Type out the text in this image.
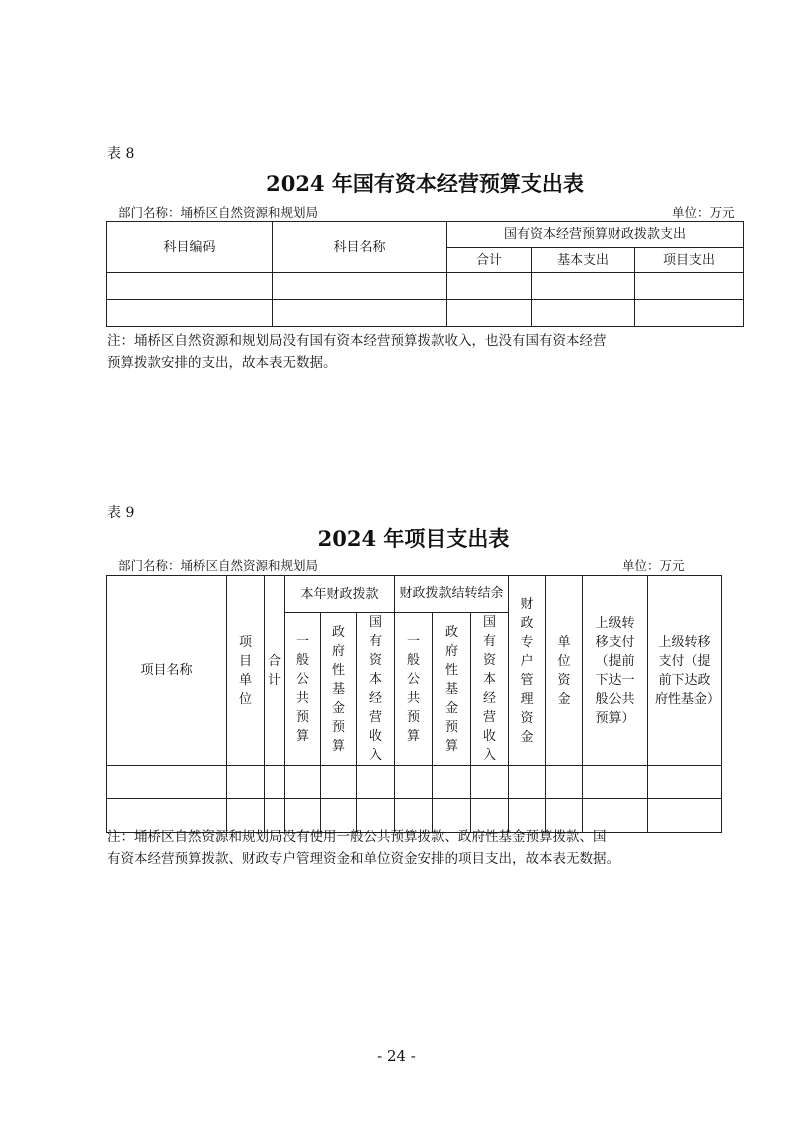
表 8
2024 年国有资本经营预算支出表
部门名称：埇桥区自然资源和规划局	单位：万元
科目编码	科目名称	国有资本经营预算财政拨款支出		
		合计	基本支出	项目支出

注：埇桥区自然资源和规划局没有国有资本经营预算拨款收入，也没有国有资本经营
预算拨款安排的支出，故本表无数据。
表 9
2024 年项目支出表
部门名称：埇桥区自然资源和规划局	单位：万元
项目名称	项目单位	合计	本年财政拨款			财政拨款结转结余			财政专户管理资金	单位资金	上级转移支付（提前下达一般公共预算）	上级转移支付（提前下达政府性基金）
			一般公共预算	政府性基金预算	国有资本经营收入	一般公共预算	政府性基金预算	国有资本经营收入				

注：埇桥区自然资源和规划局没有使用一般公共预算拨款、政府性基金预算拨款、国
有资本经营预算拨款、财政专户管理资金和单位资金安排的项目支出，故本表无数据。
- 24 -
